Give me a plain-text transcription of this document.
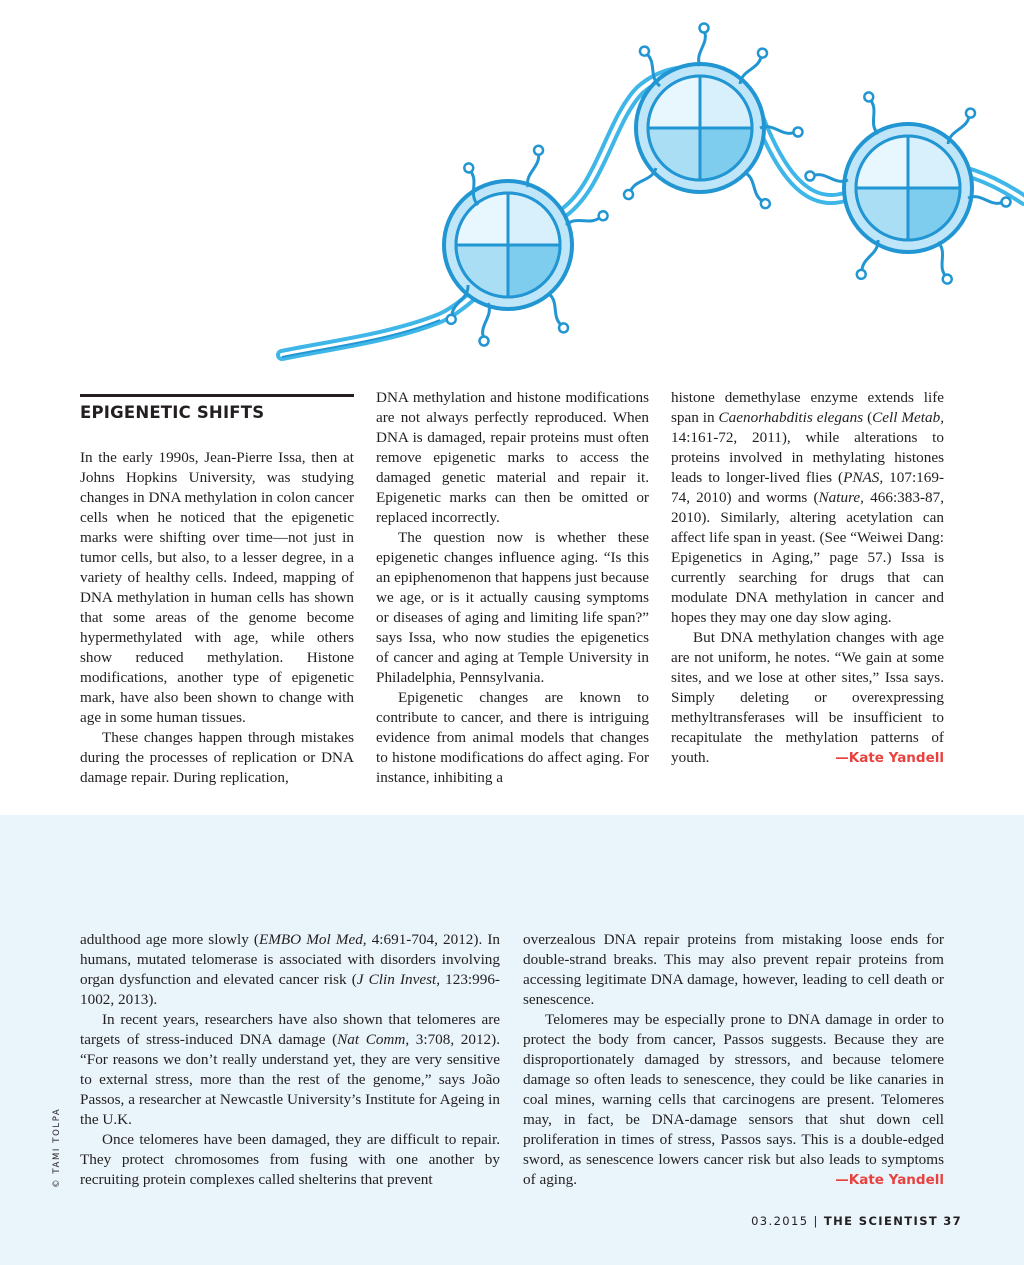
EPIGENETIC SHIFTS

In the early 1990s, Jean-Pierre Issa, then at Johns Hopkins University, was studying changes in DNA methylation in colon cancer cells when he noticed that the epigenetic marks were shifting over time—not just in tumor cells, but also, to a lesser degree, in a variety of healthy cells. Indeed, mapping of DNA methylation in human cells has shown that some areas of the genome become hypermethylated with age, while others show reduced methylation. Histone modifications, another type of epigenetic mark, have also been shown to change with age in some human tissues.

These changes happen through mistakes during the processes of replication or DNA damage repair. During replication,

DNA methylation and histone modifications are not always perfectly reproduced. When DNA is damaged, repair proteins must often remove epigenetic marks to access the damaged genetic material and repair it. Epigenetic marks can then be omitted or replaced incorrectly.

The question now is whether these epigenetic changes influence aging. “Is this an epiphenomenon that happens just because we age, or is it actually causing symptoms or diseases of aging and limiting life span?” says Issa, who now studies the epigenetics of cancer and aging at Temple University in Philadelphia, Pennsylvania.

Epigenetic changes are known to contribute to cancer, and there is intriguing evidence from animal models that changes to histone modifications do affect aging. For instance, inhibiting a

histone demethylase enzyme extends life span in Caenorhabditis elegans (Cell Metab, 14:161-72, 2011), while alterations to proteins involved in methylating histones leads to longer-lived flies (PNAS, 107:169-74, 2010) and worms (Nature, 466:383-87, 2010). Similarly, altering acetylation can affect life span in yeast. (See “Weiwei Dang: Epigenetics in Aging,” page 57.) Issa is currently searching for drugs that can modulate DNA methylation in cancer and hopes they may one day slow aging.

But DNA methylation changes with age are not uniform, he notes. “We gain at some sites, and we lose at other sites,” Issa says. Simply deleting or overexpressing methyltransferases will be insufficient to recapitulate the methylation patterns of youth.	—Kate Yandell

adulthood age more slowly (EMBO Mol Med, 4:691-704, 2012). In humans, mutated telomerase is associated with disorders involving organ dysfunction and elevated cancer risk (J Clin Invest, 123:996-1002, 2013).

In recent years, researchers have also shown that telomeres are targets of stress-induced DNA damage (Nat Comm, 3:708, 2012). “For reasons we don’t really understand yet, they are very sensitive to external stress, more than the rest of the genome,” says João Passos, a researcher at Newcastle University’s Institute for Ageing in the U.K.

Once telomeres have been damaged, they are difficult to repair. They protect chromosomes from fusing with one another by recruiting protein complexes called shelterins that prevent

overzealous DNA repair proteins from mistaking loose ends for double-strand breaks. This may also prevent repair proteins from accessing legitimate DNA damage, however, leading to cell death or senescence.

Telomeres may be especially prone to DNA damage in order to protect the body from cancer, Passos suggests. Because they are disproportionately damaged by stressors, and because telomere damage so often leads to senescence, they could be like canaries in coal mines, warning cells that carcinogens are present. Telomeres may, in fact, be DNA-damage sensors that shut down cell proliferation in times of stress, Passos says. This is a double-edged sword, as senescence lowers cancer risk but also leads to symptoms of aging.	—Kate Yandell

© TAMI TOLPA
03.2015 | THE SCIENTIST 37
